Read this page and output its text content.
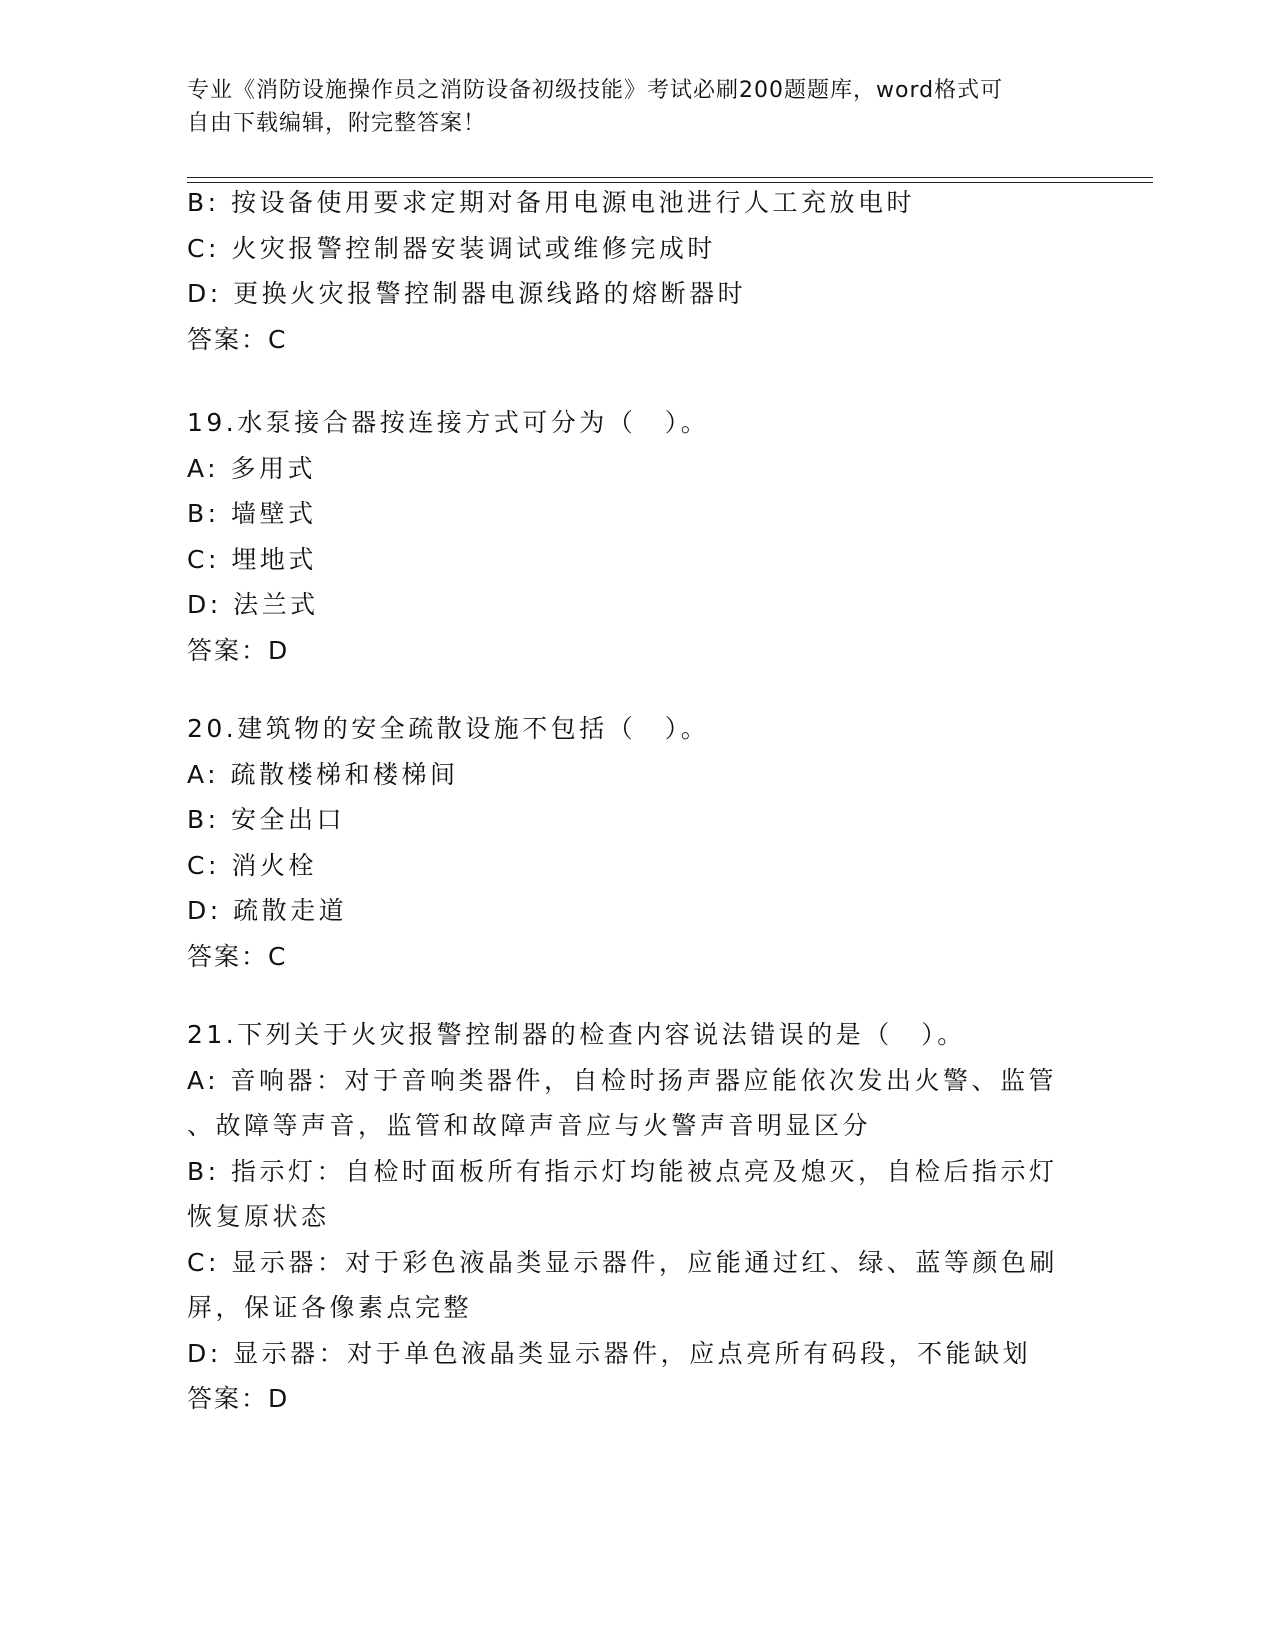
专业《消防设施操作员之消防设备初级技能》考试必刷200题题库，word格式可
自由下载编辑，附完整答案！
B: 按设备使用要求定期对备用电源电池进行人工充放电时
C: 火灾报警控制器安装调试或维修完成时
D: 更换火灾报警控制器电源线路的熔断器时
答案：C
19.水泵接合器按连接方式可分为（　）。
A: 多用式
B: 墙壁式
C: 埋地式
D: 法兰式
答案：D
20.建筑物的安全疏散设施不包括（　）。
A: 疏散楼梯和楼梯间
B: 安全出口
C: 消火栓
D: 疏散走道
答案：C
21.下列关于火灾报警控制器的检查内容说法错误的是（　）。
A: 音响器：对于音响类器件，自检时扬声器应能依次发出火警、监管
、故障等声音，监管和故障声音应与火警声音明显区分
B: 指示灯：自检时面板所有指示灯均能被点亮及熄灭，自检后指示灯
恢复原状态
C: 显示器：对于彩色液晶类显示器件，应能通过红、绿、蓝等颜色刷
屏，保证各像素点完整
D: 显示器：对于单色液晶类显示器件，应点亮所有码段，不能缺划
答案：D
